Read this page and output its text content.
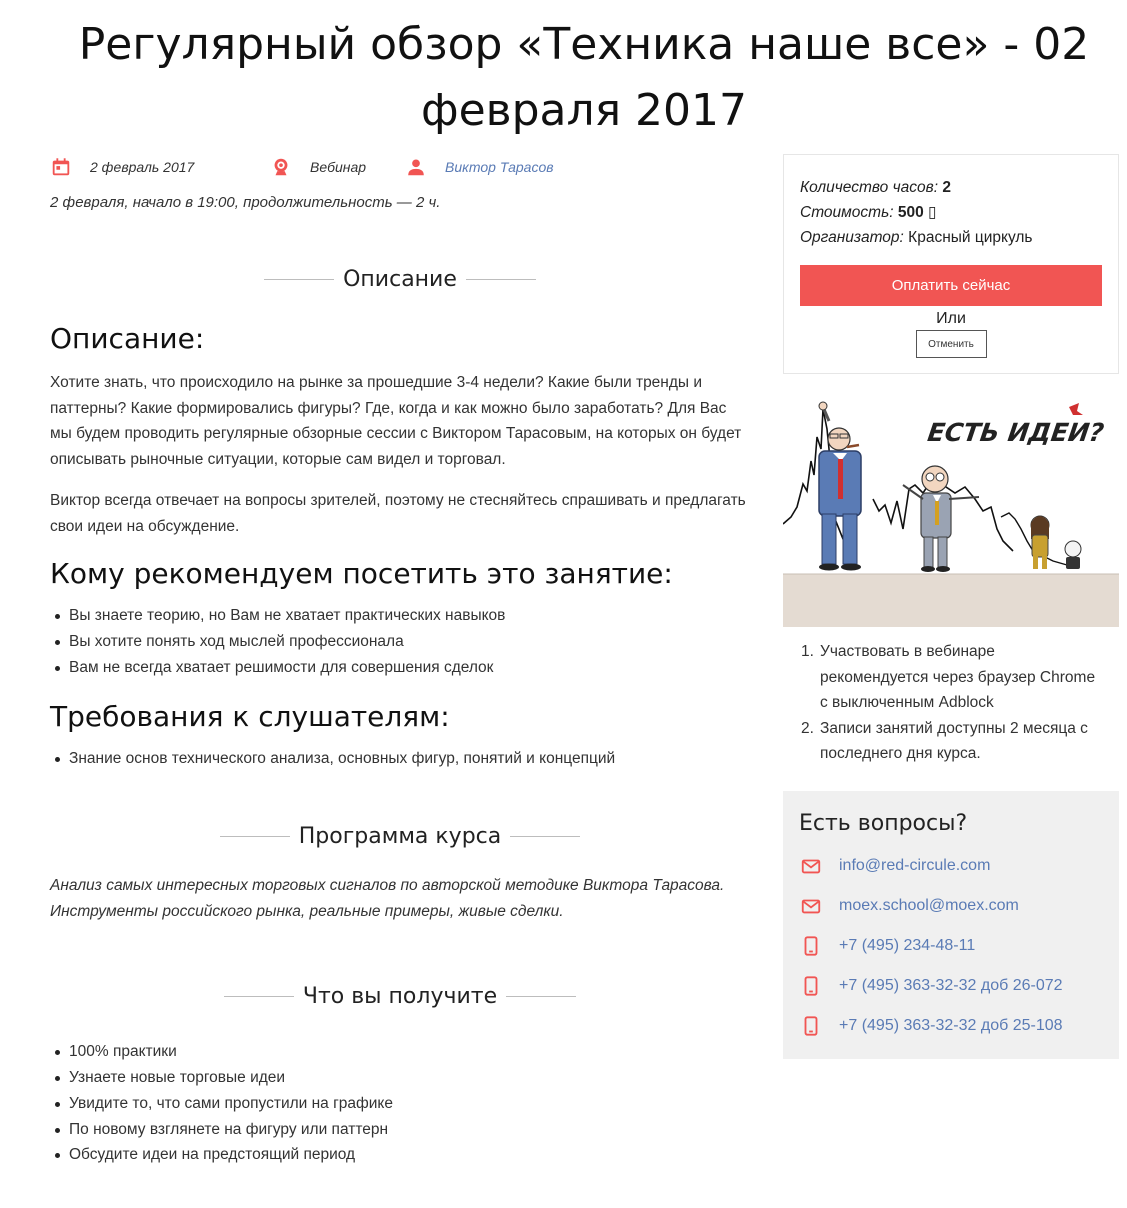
Регулярный обзор «Техника наше все» - 02
февраля 2017
2 февраль 2017	Вебинар	Виктор Тарасов
2 февраля, начало в 19:00, продолжительность — 2 ч.
Описание
Описание:

Хотите знать, что происходило на рынке за прошедшие 3-4 недели? Какие были тренды и паттерны? Какие формировались фигуры? Где, когда и как можно было заработать? Для Вас мы будем проводить регулярные обзорные сессии с Виктором Тарасовым, на которых он будет описывать рыночные ситуации, которые сам видел и торговал.

Виктор всегда отвечает на вопросы зрителей, поэтому не стесняйтесь спрашивать и предлагать свои идеи на обсуждение.

Кому рекомендуем посетить это занятие:
Вы знаете теорию, но Вам не хватает практических навыков
Вы хотите понять ход мыслей профессионала
Вам не всегда хватает решимости для совершения сделок
Требования к слушателям:
Знание основ технического анализа, основных фигур, понятий и концепций
Программа курса

Анализ самых интересных торговых сигналов по авторской методике Виктора Тарасова.
Инструменты российского рынка, реальные примеры, живые сделки.

Что вы получите
100% практики
Узнаете новые торговые идеи
Увидите то, что сами пропустили на графике
По новому взглянете на фигуру или паттерн
Обсудите идеи на предстоящий период
Количество часов: 2
Стоимость: 500 ▯
Организатор: Красный циркуль
Оплатить сейчас
Или
Отменить
ЕСТЬ ИДЕИ?
1. Участвовать в вебинаре рекомендуется через браузер Chrome с выключенным Adblock
2. Записи занятий доступны 2 месяца с последнего дня курса.
Есть вопросы?
info@red-circule.com
moex.school@moex.com
+7 (495) 234-48-11
+7 (495) 363-32-32 доб 26-072
+7 (495) 363-32-32 доб 25-108
